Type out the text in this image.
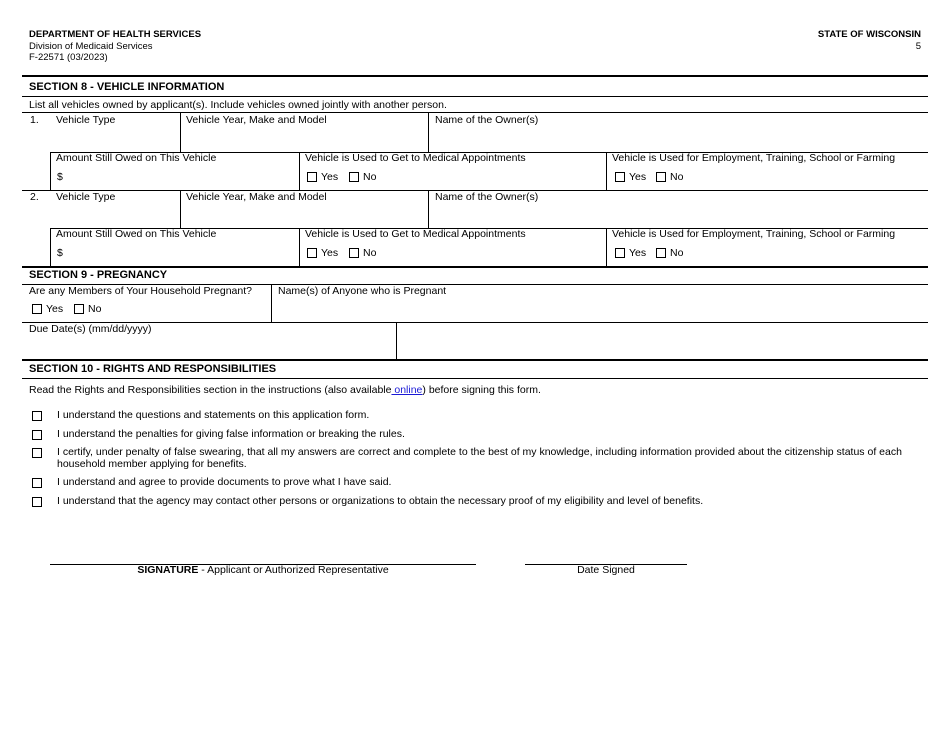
DEPARTMENT OF HEALTH SERVICES
Division of Medicaid Services
F-22571 (03/2023)
STATE OF WISCONSIN
5
SECTION 8 - VEHICLE INFORMATION
List all vehicles owned by applicant(s). Include vehicles owned jointly with another person.
1. Vehicle Type	Vehicle Year, Make and Model	Name of the Owner(s)
Amount Still Owed on This Vehicle
$
Vehicle is Used to Get to Medical Appointments
Yes No
Vehicle is Used for Employment, Training, School or Farming
Yes No
2. Vehicle Type	Vehicle Year, Make and Model	Name of the Owner(s)
Amount Still Owed on This Vehicle
$
Vehicle is Used to Get to Medical Appointments
Yes No
Vehicle is Used for Employment, Training, School or Farming
Yes No
SECTION 9 - PREGNANCY
Are any Members of Your Household Pregnant?
Yes No
Name(s) of Anyone who is Pregnant
Due Date(s) (mm/dd/yyyy)
SECTION 10 - RIGHTS AND RESPONSIBILITIES
Read the Rights and Responsibilities section in the instructions (also available online) before signing this form.
I understand the questions and statements on this application form.
I understand the penalties for giving false information or breaking the rules.
I certify, under penalty of false swearing, that all my answers are correct and complete to the best of my knowledge, including information provided about the citizenship status of each household member applying for benefits.
I understand and agree to provide documents to prove what I have said.
I understand that the agency may contact other persons or organizations to obtain the necessary proof of my eligibility and level of benefits.
SIGNATURE - Applicant or Authorized Representative	Date Signed
